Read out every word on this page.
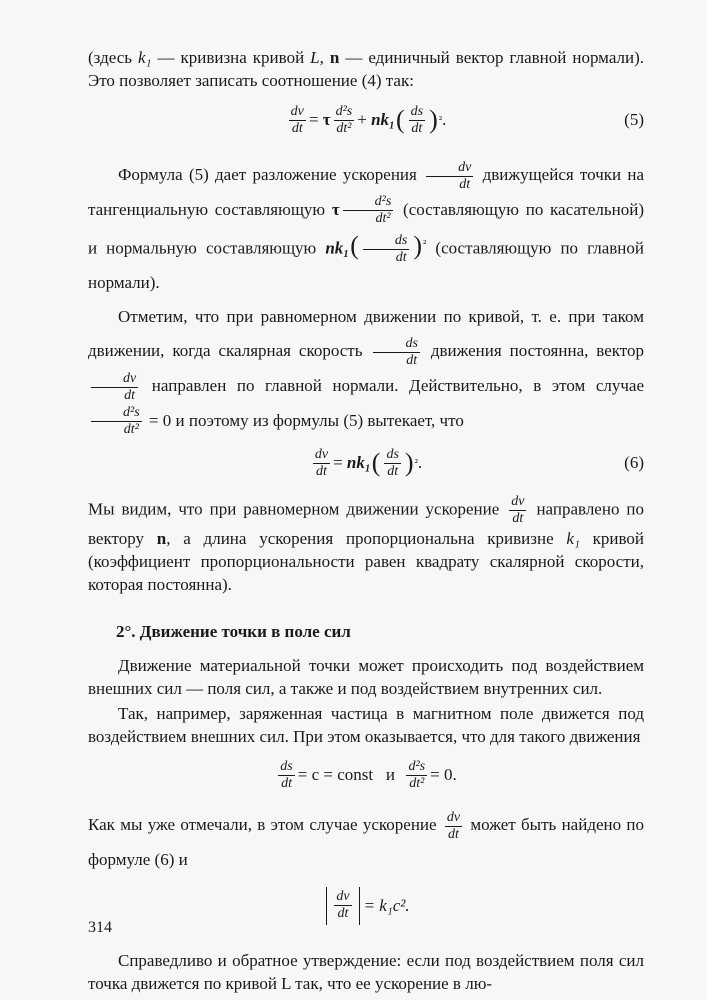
(здесь k₁ — кривизна кривой L, n — единичный вектор главной нормали). Это позволяет записать соотношение (4) так:

$\frac{dv}{dt}$ =
τ $\frac{\text{d²s}}{\text{dt²}}$ +
nk₁ ( $\frac{ds}{dt}$ ) ² .	(5)

Формула (5) дает разложение ускорения $\frac{dv}{dt}$ движущейся точки на тангенциальную составляющую τ $\frac{\text{d²s}}{\text{dt²}}$ (составляющую по касательной) и нормальную составляющую $nk_1( \frac{ds}{dt} )^{^2}$ (составляющую по главной нормали).

Отметим, что при равномерном движении по кривой, т. е. при таком движении, когда скалярная скорость $\frac{ds}{dt}$ движения постоянна, вектор
$\frac{dv}{dt}$ направлен по главной нормали. Действительно, в этом случае
$\frac{\text{d²s}}{\text{dt²}} = 0$ и поэтому из формулы (5) вытекает, что

$\frac{dv}{dt}$ =
nk₁ ( $\frac{ds}{dt}$ ) ² .	(6)

Мы видим, что при равномерном движении ускорение $\frac{dv}{dt}$ направлено по вектору n, а длина ускорения пропорциональна кривизне k₁ кривой (коэффициент пропорциональности равен квадрату скалярной скорости, которая постоянна).

2°. Движение точки в поле сил

Движение материальной точки может происходить под воздействием внешних сил — поля сил, а также и под воздействием внутренних сил.

Так, например, заряженная частица в магнитном поле движется под воздействием внешних сил. При этом оказывается, что для такого движения

$\frac{ds}{dt} = c$ = const
и
$\frac{\text{d²s}}{\text{dt²}} = 0$.

Как мы уже отмечали, в этом случае ускорение $\frac{dv}{dt}$ может быть найдено по формуле (6) и

$\frac{dv}{dt} = k_1c^2$.

Справедливо и обратное утверждение: если под воздействием поля сил точка движется по кривой L так, что ее ускорение в лю-

314
